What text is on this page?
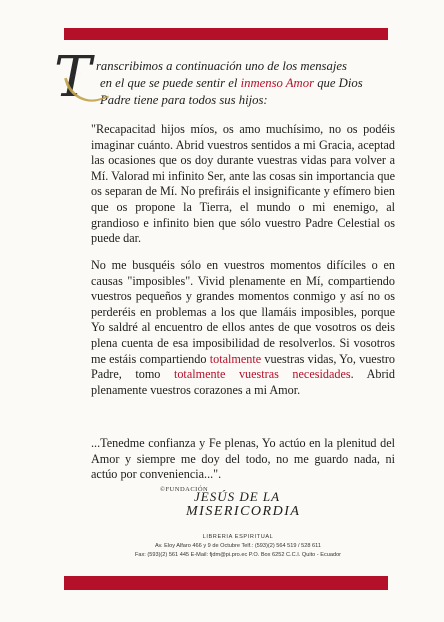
T ranscribimos a continuación uno de los mensajes
en el que se puede sentir el inmenso Amor que Dios
Padre tiene para todos sus hijos:
"Recapacitad hijos míos, os amo muchísimo, no os podéis imaginar cuánto. Abrid vuestros sentidos a mi Gracia, aceptad las ocasiones que os doy durante vuestras vidas para volver a Mí. Valorad mi infinito Ser, ante las cosas sin importancia que os separan de Mí. No prefiráis el insignificante y efímero bien que os propone la Tierra, el mundo o mi enemigo, al grandioso e infinito bien que sólo vuestro Padre Celestial os puede dar.
No me busquéis sólo en vuestros momentos difíciles o en causas "imposibles". Vivid plenamente en Mí, compartiendo vuestros pequeños y grandes momentos conmigo y así no os perderéis en problemas a los que llamáis imposibles, porque Yo saldré al encuentro de ellos antes de que vosotros os deis plena cuenta de esa imposibilidad de resolverlos. Si vosotros me estáis compartiendo totalmente vuestras vidas, Yo, vuestro Padre, tomo totalmente vuestras necesidades. Abrid plenamente vuestros corazones a mi Amor.
...Tenedme confianza y Fe plenas, Yo actúo en la plenitud del Amor y siempre me doy del todo, no me guardo nada, ni actúo por conveniencia...".
©FUNDACIÓN
JESÚS DE LA
MISERICORDIA
LIBRERIA ESPIRITUAL
Av. Eloy Alfaro 466 y 9 de Octubre Telf.: (593)(2) 564 519 / 528 611
Fax: (593)(2) 561 445 E-Mail: fjdm@pi.pro.ec P.O. Box 6252 C.C.I. Quito - Ecuador
